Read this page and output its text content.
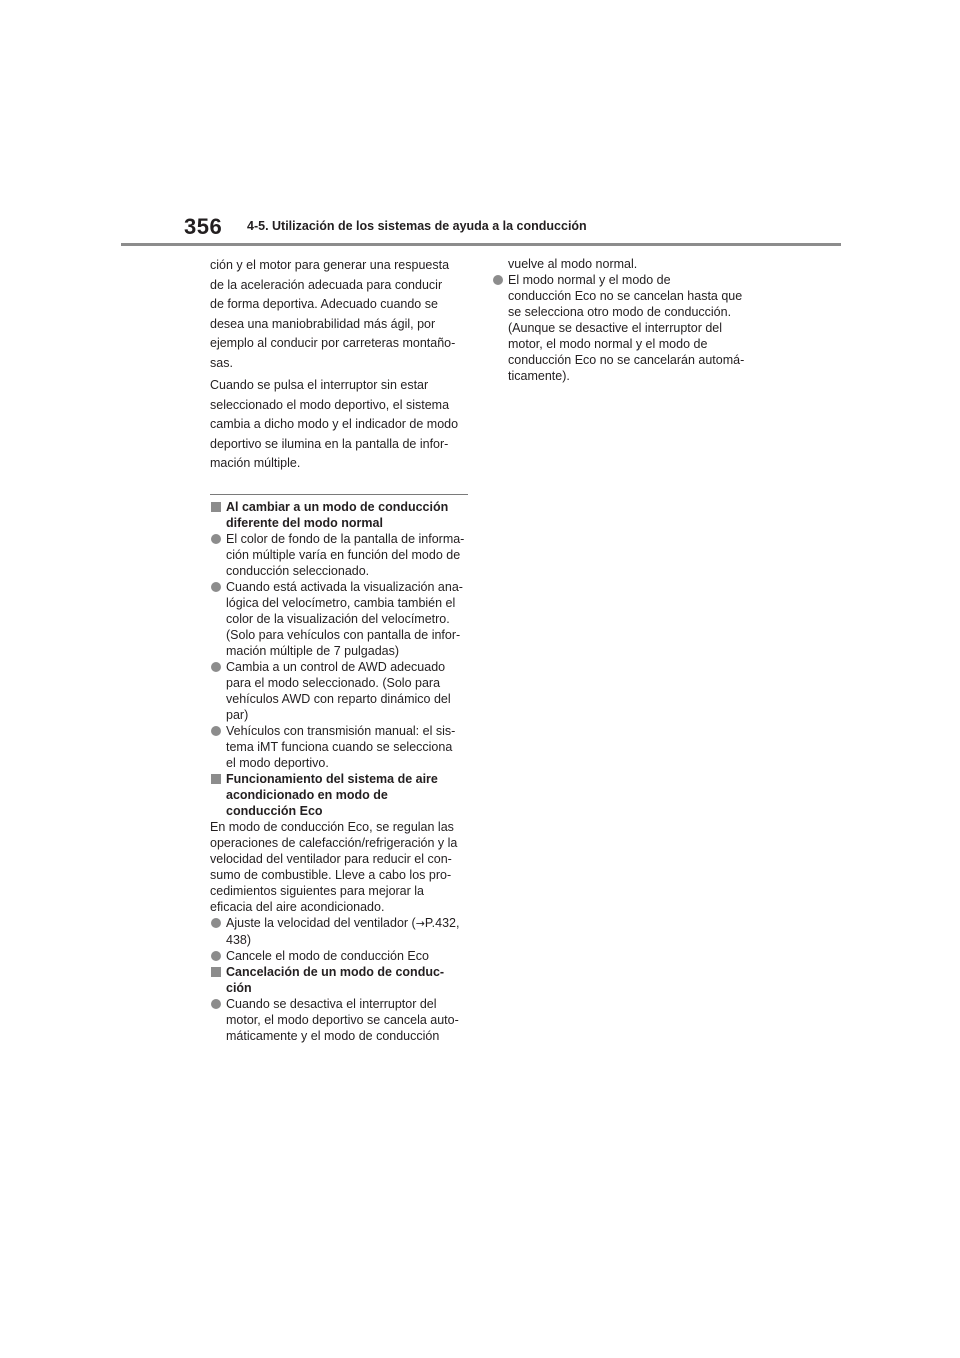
356 4-5. Utilización de los sistemas de ayuda a la conducción
ción y el motor para generar una respuesta
de la aceleración adecuada para conducir
de forma deportiva. Adecuado cuando se
desea una maniobrabilidad más ágil, por
ejemplo al conducir por carreteras montaño-
sas.
Cuando se pulsa el interruptor sin estar
seleccionado el modo deportivo, el sistema
cambia a dicho modo y el indicador de modo
deportivo se ilumina en la pantalla de infor-
mación múltiple.
Al cambiar a un modo de conducción
diferente del modo normal
El color de fondo de la pantalla de informa-
ción múltiple varía en función del modo de
conducción seleccionado.
Cuando está activada la visualización ana-
lógica del velocímetro, cambia también el
color de la visualización del velocímetro.
(Solo para vehículos con pantalla de infor-
mación múltiple de 7 pulgadas)
Cambia a un control de AWD adecuado
para el modo seleccionado. (Solo para
vehículos AWD con reparto dinámico del
par)
Vehículos con transmisión manual: el sis-
tema iMT funciona cuando se selecciona
el modo deportivo.
Funcionamiento del sistema de aire
acondicionado en modo de
conducción Eco
En modo de conducción Eco, se regulan las
operaciones de calefacción/refrigeración y la
velocidad del ventilador para reducir el con-
sumo de combustible. Lleve a cabo los pro-
cedimientos siguientes para mejorar la
eficacia del aire acondicionado.
Ajuste la velocidad del ventilador (→P.432,
438)
Cancele el modo de conducción Eco
Cancelación de un modo de conduc-
ción
Cuando se desactiva el interruptor del
motor, el modo deportivo se cancela auto-
máticamente y el modo de conducción
vuelve al modo normal.
El modo normal y el modo de
conducción Eco no se cancelan hasta que
se selecciona otro modo de conducción.
(Aunque se desactive el interruptor del
motor, el modo normal y el modo de
conducción Eco no se cancelarán automá-
ticamente).
